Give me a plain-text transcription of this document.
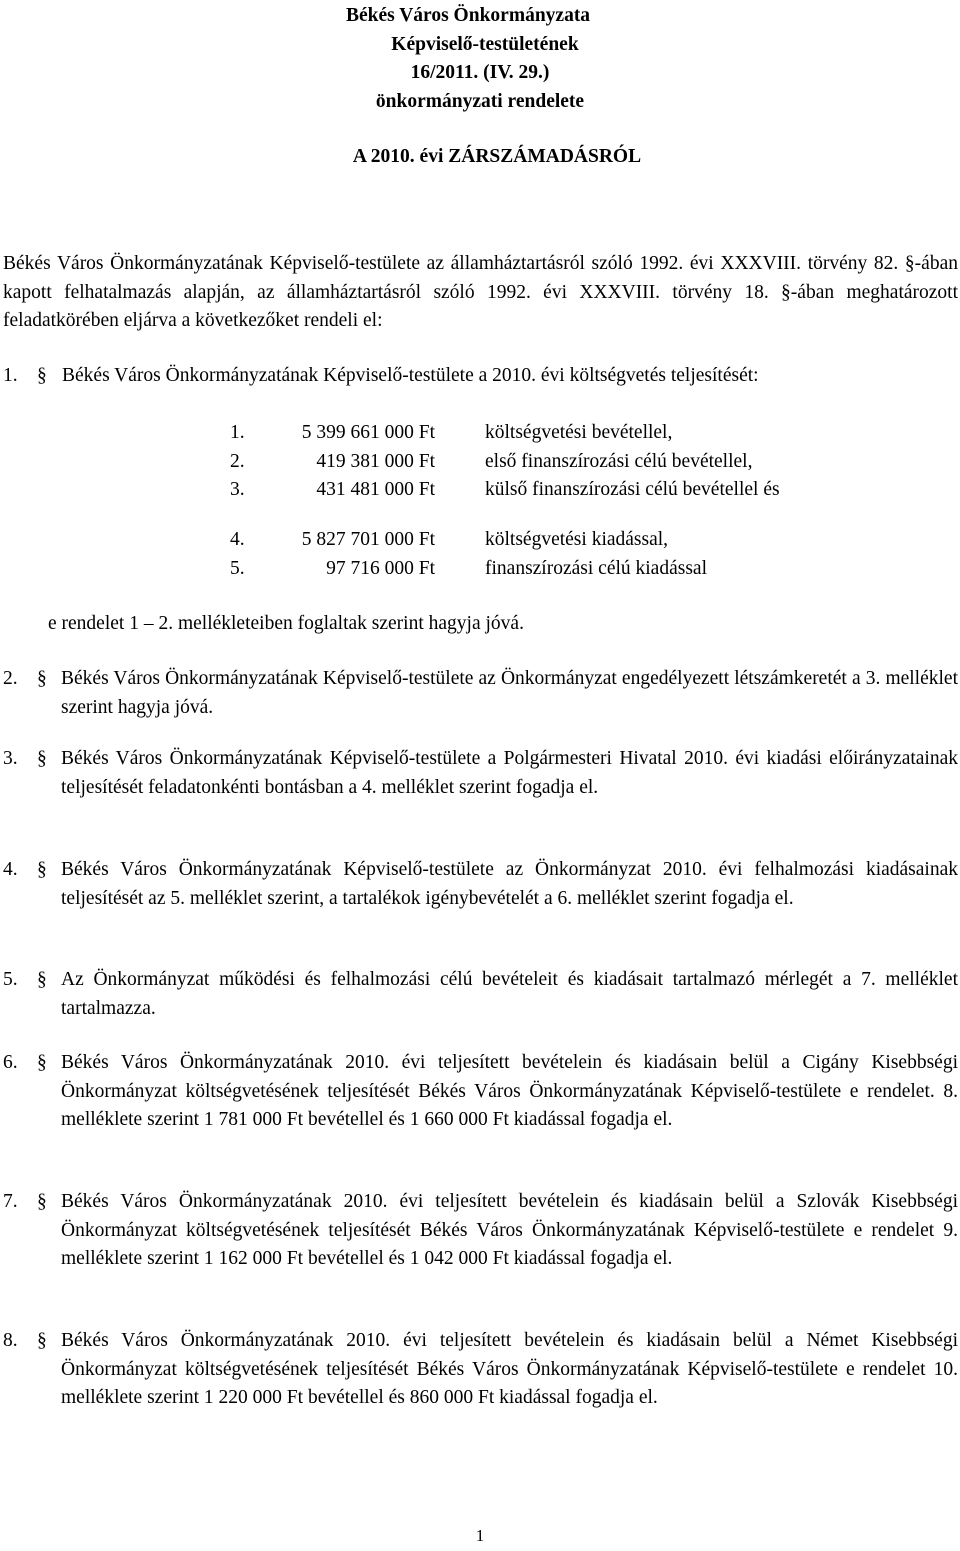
Békés Város Önkormányzata
Képviselő-testületének
16/2011. (IV. 29.)
önkormányzati rendelete
A 2010. évi ZÁRSZÁMADÁSRÓL
Békés Város Önkormányzatának Képviselő-testülete az államháztartásról szóló 1992. évi XXXVIII. törvény 82. §-ában kapott felhatalmazás alapján, az államháztartásról szóló 1992. évi XXXVIII. törvény 18. §-ában meghatározott feladatkörében eljárva a következőket rendeli el:
1. § Békés Város Önkormányzatának Képviselő-testülete a 2010. évi költségvetés teljesítését:
1.	5 399 661 000 Ft	költségvetési bevétellel,
2.	419 381 000 Ft	első finanszírozási célú bevétellel,
3.	431 481 000 Ft	külső finanszírozási célú bevétellel és
4.	5 827 701 000 Ft	költségvetési kiadással,
5.	97 716 000 Ft	finanszírozási célú kiadással
e rendelet 1 – 2. mellékleteiben foglaltak szerint hagyja jóvá.
2. § Békés Város Önkormányzatának Képviselő-testülete az Önkormányzat engedélyezett létszámkeretét a 3. melléklet szerint hagyja jóvá.
3. § Békés Város Önkormányzatának Képviselő-testülete a Polgármesteri Hivatal 2010. évi kiadási előirányzatainak teljesítését feladatonkénti bontásban a 4. melléklet szerint fogadja el.
4. § Békés Város Önkormányzatának Képviselő-testülete az Önkormányzat 2010. évi felhalmozási kiadásainak teljesítését az 5. melléklet szerint, a tartalékok igénybevételét a 6. melléklet szerint fogadja el.
5. § Az Önkormányzat működési és felhalmozási célú bevételeit és kiadásait tartalmazó mérlegét a 7. melléklet tartalmazza.
6. § Békés Város Önkormányzatának 2010. évi teljesített bevételein és kiadásain belül a Cigány Kisebbségi Önkormányzat költségvetésének teljesítését Békés Város Önkormányzatának Képviselő-testülete e rendelet. 8. melléklete szerint 1 781 000 Ft bevétellel és 1 660 000 Ft kiadással fogadja el.
7. § Békés Város Önkormányzatának 2010. évi teljesített bevételein és kiadásain belül a Szlovák Kisebbségi Önkormányzat költségvetésének teljesítését Békés Város Önkormányzatának Képviselő-testülete e rendelet 9. melléklete szerint 1 162 000 Ft bevétellel és 1 042 000 Ft kiadással fogadja el.
8. § Békés Város Önkormányzatának 2010. évi teljesített bevételein és kiadásain belül a Német Kisebbségi Önkormányzat költségvetésének teljesítését Békés Város Önkormányzatának Képviselő-testülete e rendelet 10. melléklete szerint 1 220 000 Ft bevétellel és 860 000 Ft kiadással fogadja el.
1
